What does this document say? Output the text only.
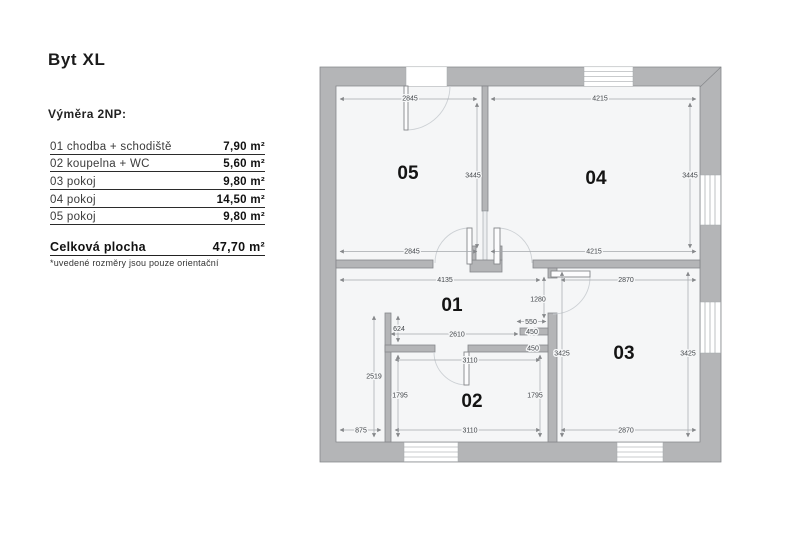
Byt XL
Výměra 2NP:
01 chodba + schodiště	7,90 m²
02 koupelna + WC	5,60 m²
03 pokoj	9,80 m²
04 pokoj	14,50 m²
05 pokoj	9,80 m²
Celková plocha	47,70 m²
*uvedené rozměry jsou pouze orientační
2845	4215
2845	4215
4135	2870
550
2610
3110
875	3110	2870
3445	3445
1280
624
2519
1795	1795
3425	3425
450
450
01
02
03
04
05
